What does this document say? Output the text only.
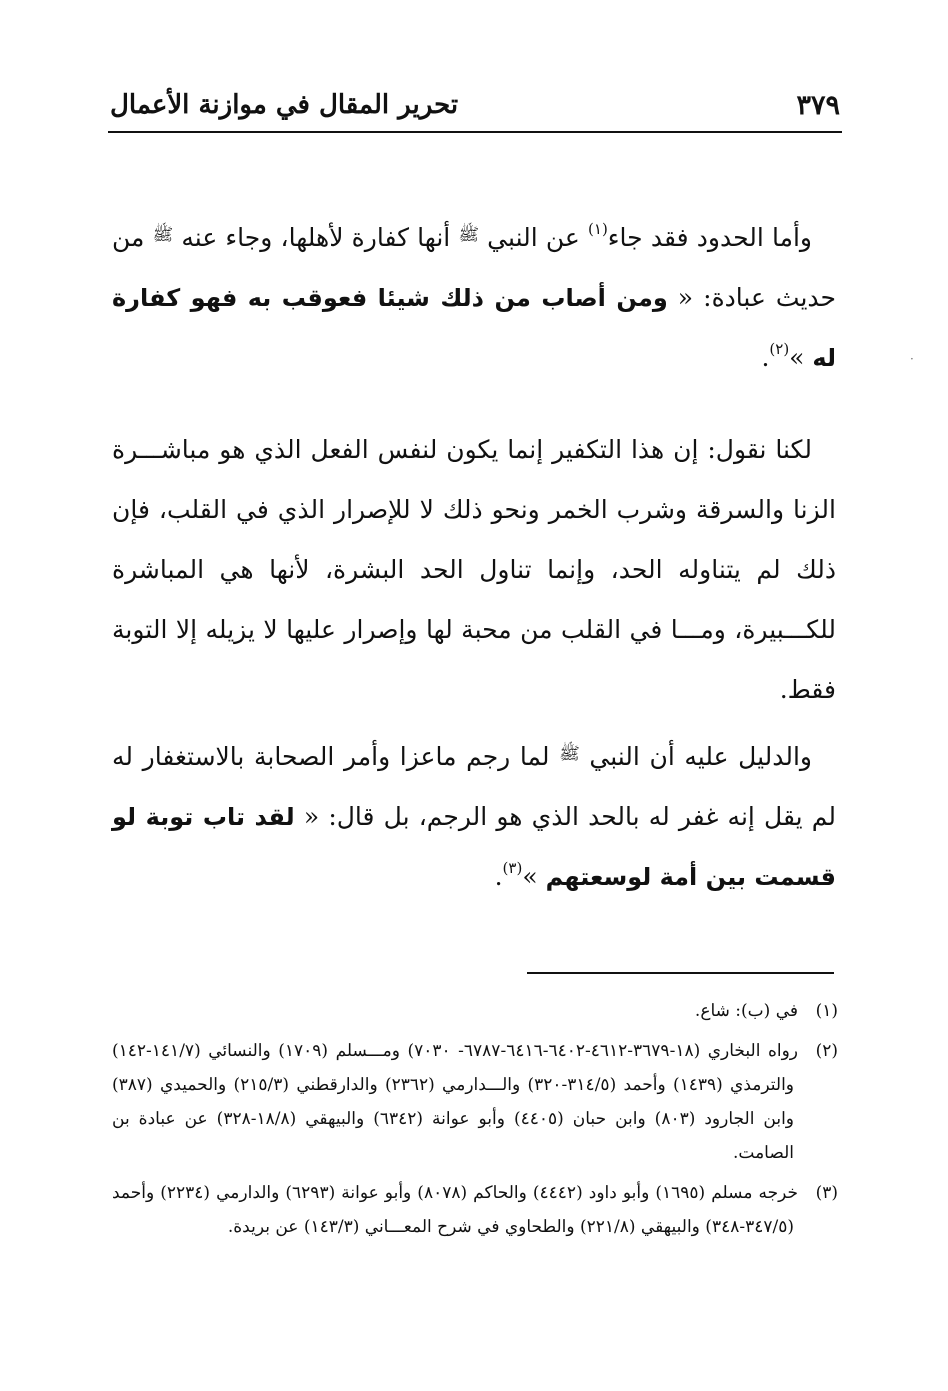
٣٧٩
تحرير المقال في موازنة الأعمال

وأما الحدود فقد جاء$^{(١)}$ عن النبي $^ﷺ$ أنها كفارة لأهلها، وجاء عنه $^ﷺ$ من حديث عبادة: « ومن أصاب من ذلك شيئا فعوقب به فهو كفارة له »$^{(٢)}$.

لكنا نقول: إن هذا التكفير إنما يكون لنفس الفعل الذي هو مباشـــرة الزنا والسرقة وشرب الخمر ونحو ذلك لا للإصرار الذي في القلب، فإن ذلك لم يتناوله الحد، وإنما تناول الحد البشرة، لأنها هي المباشرة للكـــبيرة، ومـــا في القلب من محبة لها وإصرار عليها لا يزيله إلا التوبة فقط.

والدليل عليه أن النبي $^ﷺ$ لما رجم ماعزا وأمر الصحابة بالاستغفار له لم يقل إنه غفر له بالحد الذي هو الرجم، بل قال: « لقد تاب توبة لو قسمت بين أمة لوسعتهم »$^{(٣)}$.

(١)في (ب): شاع.

(٢)رواه البخاري (١٨-٣٦٧٩-٤٦١٢-٦٤٠٢-٦٤١٦-٦٧٨٧- ٧٠٣٠) ومـــسلم (١٧٠٩) والنسائي (١٤١/٧-١٤٢) والترمذي (١٤٣٩) وأحمد (٣١٤/٥-٣٢٠) والـــدارمي (٢٣٦٢) والدارقطني (٢١٥/٣) والحميدي (٣٨٧) وابن الجارود (٨٠٣) وابن حبان (٤٤٠٥) وأبو عوانة (٦٣٤٢) والبيهقي (١٨/٨-٣٢٨) عن عبادة بن الصامت.

(٣)خرجه مسلم (١٦٩٥) وأبو داود (٤٤٤٢) والحاكم (٨٠٧٨) وأبو عوانة (٦٢٩٣) والدارمي (٢٢٣٤) وأحمد (٣٤٧/٥-٣٤٨) والبيهقي (٢٢١/٨) والطحاوي في شرح المعـــاني (١٤٣/٣) عن بريدة.

·
